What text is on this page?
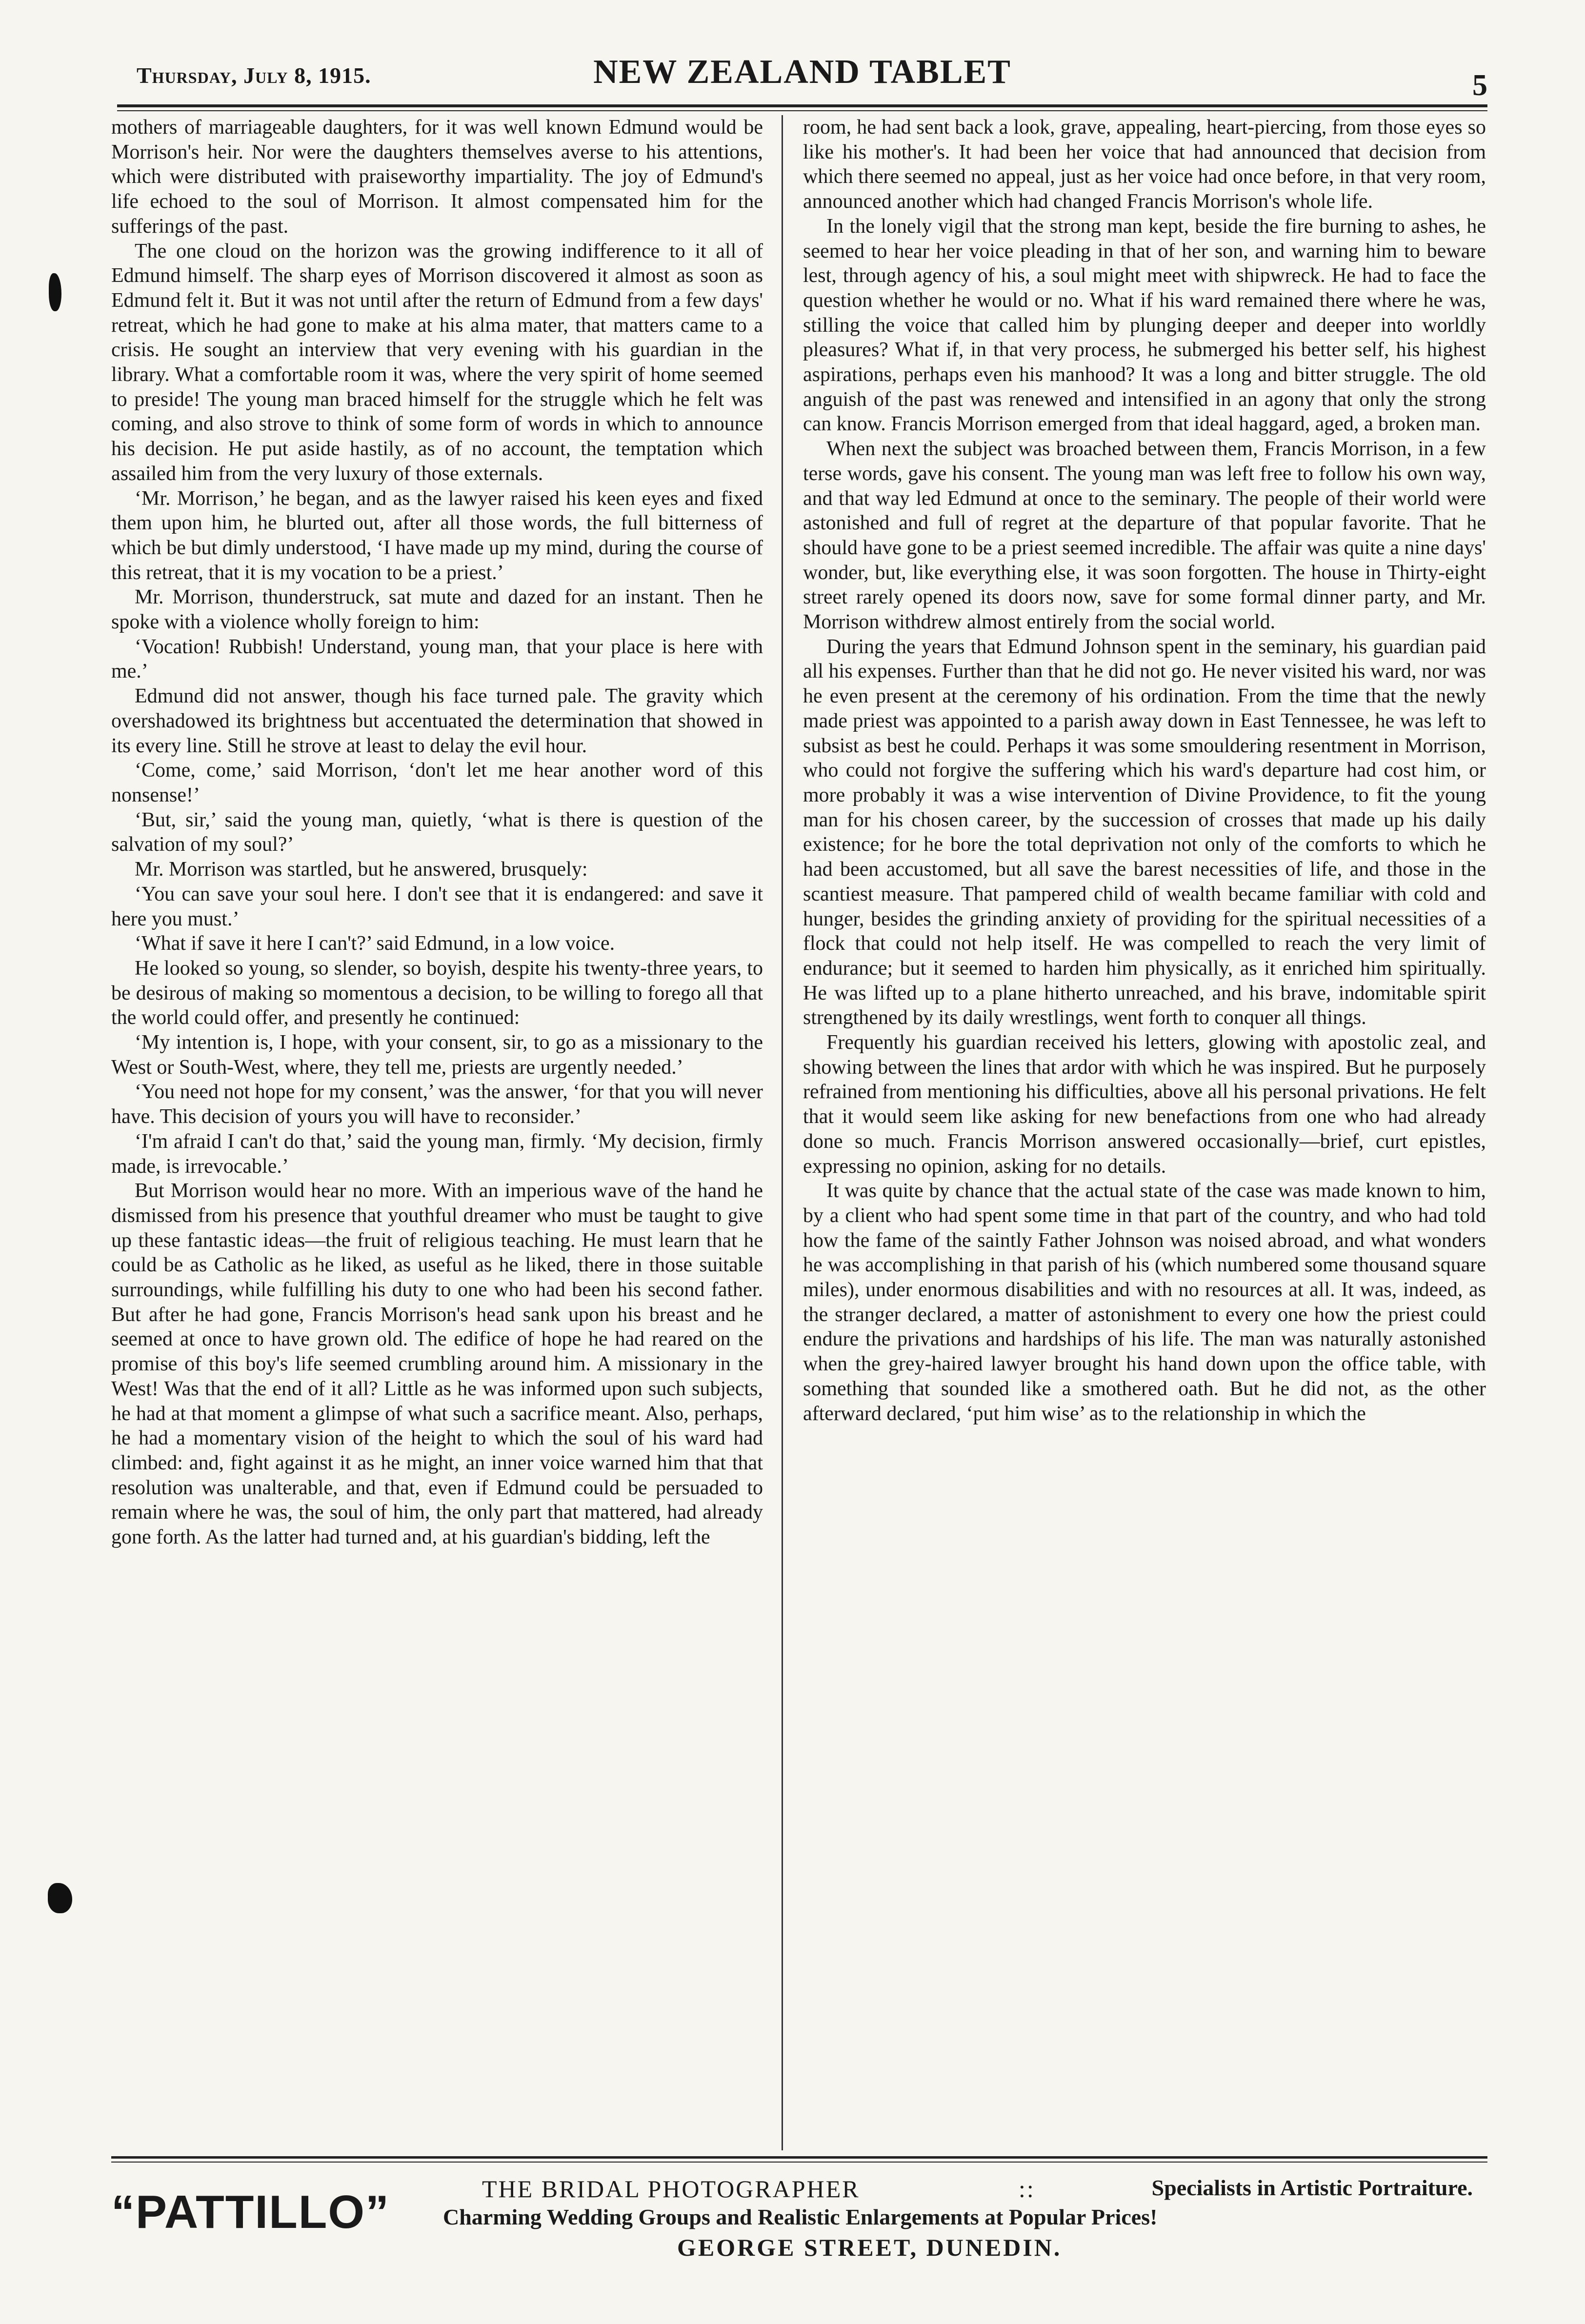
Thursday, July 8, 1915.	NEW ZEALAND TABLET	5

mothers of marriageable daughters, for it was well known Edmund would be Morrison's heir. Nor were the daughters themselves averse to his attentions, which were distributed with praiseworthy impartiality. The joy of Edmund's life echoed to the soul of Morrison. It almost compensated him for the sufferings of the past.

The one cloud on the horizon was the growing indifference to it all of Edmund himself. The sharp eyes of Morrison discovered it almost as soon as Edmund felt it. But it was not until after the return of Edmund from a few days' retreat, which he had gone to make at his alma mater, that matters came to a crisis. He sought an interview that very evening with his guardian in the library. What a comfortable room it was, where the very spirit of home seemed to preside! The young man braced himself for the struggle which he felt was coming, and also strove to think of some form of words in which to announce his decision. He put aside hastily, as of no account, the temptation which assailed him from the very luxury of those externals.

‘Mr. Morrison,’ he began, and as the lawyer raised his keen eyes and fixed them upon him, he blurted out, after all those words, the full bitterness of which be but dimly understood, ‘I have made up my mind, during the course of this retreat, that it is my vocation to be a priest.’

Mr. Morrison, thunderstruck, sat mute and dazed for an instant. Then he spoke with a violence wholly foreign to him:

‘Vocation! Rubbish! Understand, young man, that your place is here with me.’

Edmund did not answer, though his face turned pale. The gravity which overshadowed its brightness but accentuated the determination that showed in its every line. Still he strove at least to delay the evil hour.

‘Come, come,’ said Morrison, ‘don't let me hear another word of this nonsense!’

‘But, sir,’ said the young man, quietly, ‘what is there is question of the salvation of my soul?’

Mr. Morrison was startled, but he answered, brusquely:

‘You can save your soul here. I don't see that it is endangered: and save it here you must.’

‘What if save it here I can't?’ said Edmund, in a low voice.

He looked so young, so slender, so boyish, despite his twenty-three years, to be desirous of making so momentous a decision, to be willing to forego all that the world could offer, and presently he continued:

‘My intention is, I hope, with your consent, sir, to go as a missionary to the West or South-West, where, they tell me, priests are urgently needed.’

‘You need not hope for my consent,’ was the answer, ‘for that you will never have. This decision of yours you will have to reconsider.’

‘I'm afraid I can't do that,’ said the young man, firmly. ‘My decision, firmly made, is irrevocable.’

But Morrison would hear no more. With an imperious wave of the hand he dismissed from his presence that youthful dreamer who must be taught to give up these fantastic ideas—the fruit of religious teaching. He must learn that he could be as Catholic as he liked, as useful as he liked, there in those suitable surroundings, while fulfilling his duty to one who had been his second father. But after he had gone, Francis Morrison's head sank upon his breast and he seemed at once to have grown old. The edifice of hope he had reared on the promise of this boy's life seemed crumbling around him. A missionary in the West! Was that the end of it all? Little as he was informed upon such subjects, he had at that moment a glimpse of what such a sacrifice meant. Also, perhaps, he had a momentary vision of the height to which the soul of his ward had climbed: and, fight against it as he might, an inner voice warned him that that resolution was unalterable, and that, even if Edmund could be persuaded to remain where he was, the soul of him, the only part that mattered, had already gone forth. As the latter had turned and, at his guardian's bidding, left the

room, he had sent back a look, grave, appealing, heart-piercing, from those eyes so like his mother's. It had been her voice that had announced that decision from which there seemed no appeal, just as her voice had once before, in that very room, announced another which had changed Francis Morrison's whole life.

In the lonely vigil that the strong man kept, beside the fire burning to ashes, he seemed to hear her voice pleading in that of her son, and warning him to beware lest, through agency of his, a soul might meet with shipwreck. He had to face the question whether he would or no. What if his ward remained there where he was, stilling the voice that called him by plunging deeper and deeper into worldly pleasures? What if, in that very process, he submerged his better self, his highest aspirations, perhaps even his manhood? It was a long and bitter struggle. The old anguish of the past was renewed and intensified in an agony that only the strong can know. Francis Morrison emerged from that ideal haggard, aged, a broken man.

When next the subject was broached between them, Francis Morrison, in a few terse words, gave his consent. The young man was left free to follow his own way, and that way led Edmund at once to the seminary. The people of their world were astonished and full of regret at the departure of that popular favorite. That he should have gone to be a priest seemed incredible. The affair was quite a nine days' wonder, but, like everything else, it was soon forgotten. The house in Thirty-eight street rarely opened its doors now, save for some formal dinner party, and Mr. Morrison withdrew almost entirely from the social world.

During the years that Edmund Johnson spent in the seminary, his guardian paid all his expenses. Further than that he did not go. He never visited his ward, nor was he even present at the ceremony of his ordination. From the time that the newly made priest was appointed to a parish away down in East Tennessee, he was left to subsist as best he could. Perhaps it was some smouldering resentment in Morrison, who could not forgive the suffering which his ward's departure had cost him, or more probably it was a wise intervention of Divine Providence, to fit the young man for his chosen career, by the succession of crosses that made up his daily existence; for he bore the total deprivation not only of the comforts to which he had been accustomed, but all save the barest necessities of life, and those in the scantiest measure. That pampered child of wealth became familiar with cold and hunger, besides the grinding anxiety of providing for the spiritual necessities of a flock that could not help itself. He was compelled to reach the very limit of endurance; but it seemed to harden him physically, as it enriched him spiritually. He was lifted up to a plane hitherto unreached, and his brave, indomitable spirit strengthened by its daily wrestlings, went forth to conquer all things.

Frequently his guardian received his letters, glowing with apostolic zeal, and showing between the lines that ardor with which he was inspired. But he purposely refrained from mentioning his difficulties, above all his personal privations. He felt that it would seem like asking for new benefactions from one who had already done so much. Francis Morrison answered occasionally—brief, curt epistles, expressing no opinion, asking for no details.

It was quite by chance that the actual state of the case was made known to him, by a client who had spent some time in that part of the country, and who had told how the fame of the saintly Father Johnson was noised abroad, and what wonders he was accomplishing in that parish of his (which numbered some thousand square miles), under enormous disabilities and with no resources at all. It was, indeed, as the stranger declared, a matter of astonishment to every one how the priest could endure the privations and hardships of his life. The man was naturally astonished when the grey-haired lawyer brought his hand down upon the office table, with something that sounded like a smothered oath. But he did not, as the other afterward declared, ‘put him wise’ as to the relationship in which the

“PATTILLO”	THE BRIDAL PHOTOGRAPHER	::	Specialists in Artistic Portraiture.
Charming Wedding Groups and Realistic Enlargements at Popular Prices!
GEORGE STREET, DUNEDIN.
